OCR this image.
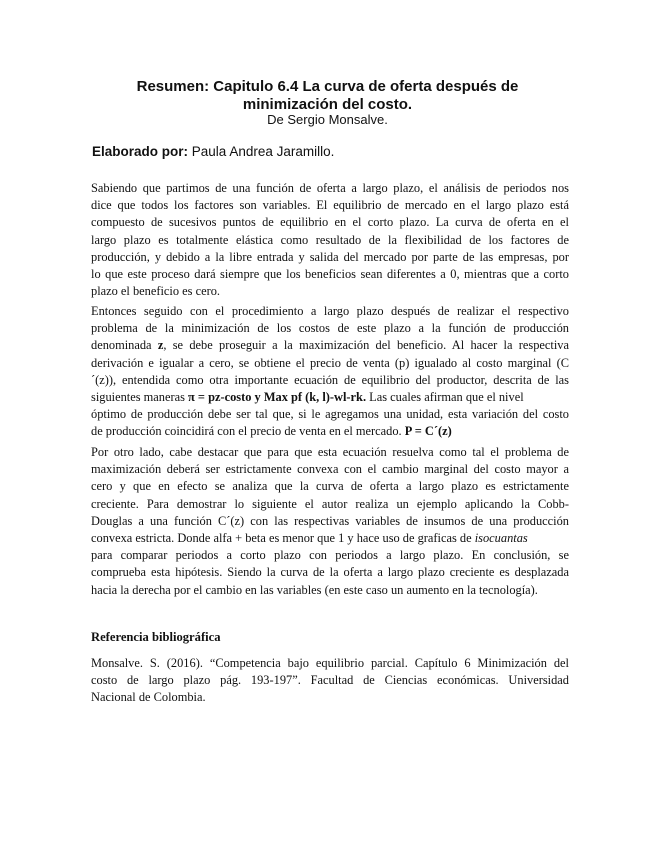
Resumen: Capitulo 6.4 La curva de oferta después de
minimización del costo.
De Sergio Monsalve.
Elaborado por: Paula Andrea Jaramillo.
Sabiendo que partimos de una función de oferta a largo plazo, el análisis de periodos nos
dice que todos los factores son variables. El equilibrio de mercado en el largo plazo está
compuesto de sucesivos puntos de equilibrio en el corto plazo. La curva de oferta en el
largo plazo es totalmente elástica como resultado de la flexibilidad de los factores de
producción, y debido a la libre entrada y salida del mercado por parte de las empresas, por
lo que este proceso dará siempre que los beneficios sean diferentes a 0, mientras que a corto
plazo el beneficio es cero.
Entonces seguido con el procedimiento a largo plazo después de realizar el respectivo
problema de la minimización de los costos de este plazo a la función de producción
denominada z, se debe proseguir a la maximización del beneficio. Al hacer la respectiva
derivación e igualar a cero, se obtiene el precio de venta (p) igualado al costo marginal (C
´(z)), entendida como otra importante ecuación de equilibrio del productor, descrita de las
siguientes maneras π = pz-costo y Max pf (k, l)-wl-rk. Las cuales afirman que el nivel
óptimo de producción debe ser tal que, si le agregamos una unidad, esta variación del costo
de producción coincidirá con el precio de venta en el mercado. P = C´(z)
Por otro lado, cabe destacar que para que esta ecuación resuelva como tal el problema de
maximización deberá ser estrictamente convexa con el cambio marginal del costo mayor a
cero y que en efecto se analiza que la curva de oferta a largo plazo es estrictamente
creciente. Para demostrar lo siguiente el autor realiza un ejemplo aplicando la Cobb-
Douglas a una función C´(z) con las respectivas variables de insumos de una producción
convexa estricta. Donde alfa + beta es menor que 1 y hace uso de graficas de isocuantas
para comparar periodos a corto plazo con periodos a largo plazo. En conclusión, se
comprueba esta hipótesis. Siendo la curva de la oferta a largo plazo creciente es desplazada
hacia la derecha por el cambio en las variables (en este caso un aumento en la tecnología).
Referencia bibliográfica
Monsalve. S. (2016). “Competencia bajo equilibrio parcial. Capítulo 6 Minimización del
costo de largo plazo pág. 193-197”. Facultad de Ciencias económicas. Universidad
Nacional de Colombia.
